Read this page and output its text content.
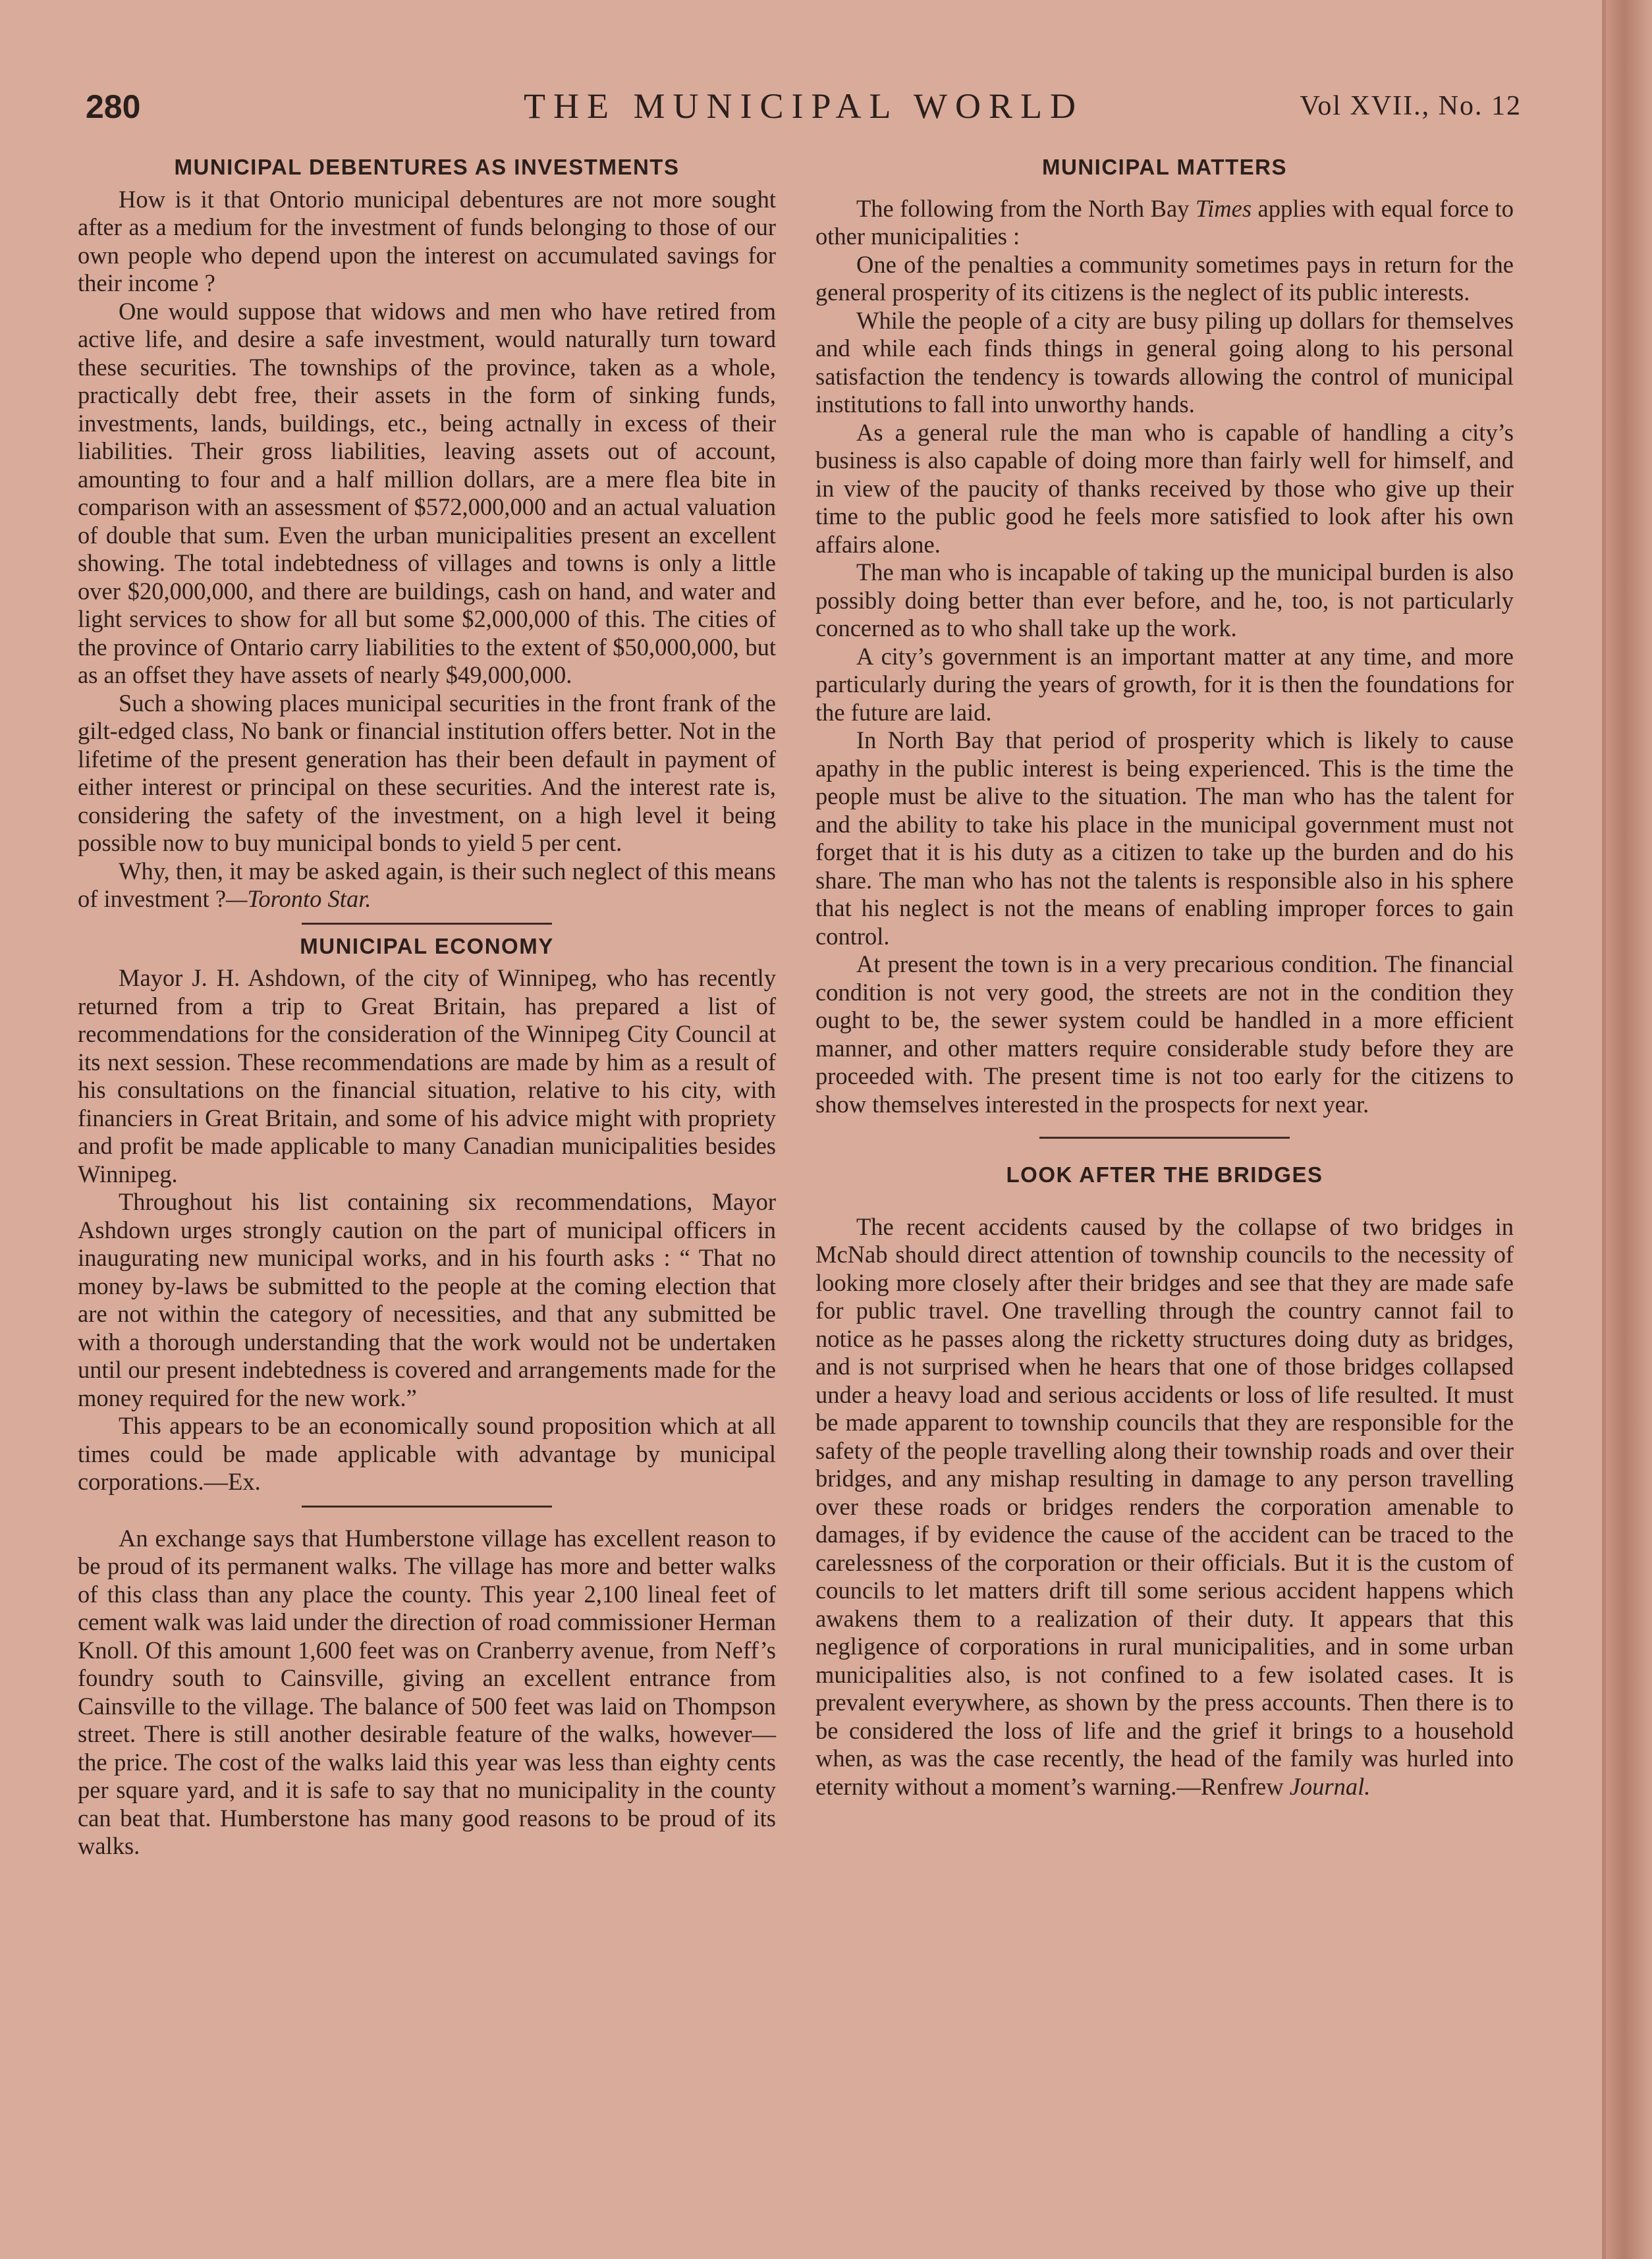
280	THE MUNICIPAL WORLD	Vol XVII., No. 12
MUNICIPAL DEBENTURES AS INVESTMENTS

How is it that Ontorio municipal debentures are not more sought after as a medium for the investment of funds belonging to those of our own people who depend upon the interest on accumulated savings for their income ?

One would suppose that widows and men who have retired from active life, and desire a safe investment, would naturally turn toward these securities. The townships of the province, taken as a whole, practically debt free, their assets in the form of sinking funds, investments, lands, buildings, etc., being actnally in excess of their liabilities. Their gross liabilities, leaving assets out of account, amounting to four and a half million dollars, are a mere flea bite in comparison with an assessment of $572,000,000 and an actual valuation of double that sum. Even the urban municipalities present an excellent showing. The total indebtedness of villages and towns is only a little over $20,000,000, and there are buildings, cash on hand, and water and light services to show for all but some $2,000,000 of this. The cities of the province of Ontario carry liabilities to the extent of $50,000,000, but as an offset they have assets of nearly $49,000,000.

Such a showing places municipal securities in the front frank of the gilt-edged class, No bank or financial institution offers better. Not in the lifetime of the present generation has their been default in payment of either interest or principal on these securities. And the interest rate is, considering the safety of the investment, on a high level it being possible now to buy municipal bonds to yield 5 per cent.

Why, then, it may be asked again, is their such neglect of this means of investment ?—Toronto Star.

MUNICIPAL ECONOMY

Mayor J. H. Ashdown, of the city of Winnipeg, who has recently returned from a trip to Great Britain, has prepared a list of recommendations for the consideration of the Winnipeg City Council at its next session. These recommendations are made by him as a result of his consultations on the financial situation, relative to his city, with financiers in Great Britain, and some of his advice might with propriety and profit be made applicable to many Canadian municipalities besides Winnipeg.

Throughout his list containing six recommendations, Mayor Ashdown urges strongly caution on the part of municipal officers in inaugurating new municipal works, and in his fourth asks : “ That no money by-laws be submitted to the people at the coming election that are not within the category of necessities, and that any submitted be with a thorough understanding that the work would not be undertaken until our present indebtedness is covered and arrangements made for the money required for the new work.”

This appears to be an economically sound proposition which at all times could be made applicable with advantage by municipal corporations.—Ex.

An exchange says that Humberstone village has excellent reason to be proud of its permanent walks. The village has more and better walks of this class than any place the county. This year 2,100 lineal feet of cement walk was laid under the direction of road commissioner Herman Knoll. Of this amount 1,600 feet was on Cranberry avenue, from Neff’s foundry south to Cainsville, giving an excellent entrance from Cainsville to the village. The balance of 500 feet was laid on Thompson street. There is still another desirable feature of the walks, however—the price. The cost of the walks laid this year was less than eighty cents per square yard, and it is safe to say that no municipality in the county can beat that. Humberstone has many good reasons to be proud of its walks.

MUNICIPAL MATTERS

The following from the North Bay Times applies with equal force to other municipalities :

One of the penalties a community sometimes pays in return for the general prosperity of its citizens is the neglect of its public interests.

While the people of a city are busy piling up dollars for themselves and while each finds things in general going along to his personal satisfaction the tendency is towards allowing the control of municipal institutions to fall into unworthy hands.

As a general rule the man who is capable of handling a city’s business is also capable of doing more than fairly well for himself, and in view of the paucity of thanks received by those who give up their time to the public good he feels more satisfied to look after his own affairs alone.

The man who is incapable of taking up the municipal burden is also possibly doing better than ever before, and he, too, is not particularly concerned as to who shall take up the work.

A city’s government is an important matter at any time, and more particularly during the years of growth, for it is then the foundations for the future are laid.

In North Bay that period of prosperity which is likely to cause apathy in the public interest is being experienced. This is the time the people must be alive to the situation. The man who has the talent for and the ability to take his place in the municipal government must not forget that it is his duty as a citizen to take up the burden and do his share. The man who has not the talents is responsible also in his sphere that his neglect is not the means of enabling improper forces to gain control.

At present the town is in a very precarious condition. The financial condition is not very good, the streets are not in the condition they ought to be, the sewer system could be handled in a more efficient manner, and other matters require considerable study before they are proceeded with. The present time is not too early for the citizens to show themselves interested in the prospects for next year.

LOOK AFTER THE BRIDGES

The recent accidents caused by the collapse of two bridges in McNab should direct attention of township councils to the necessity of looking more closely after their bridges and see that they are made safe for public travel. One travelling through the country cannot fail to notice as he passes along the ricketty structures doing duty as bridges, and is not surprised when he hears that one of those bridges collapsed under a heavy load and serious accidents or loss of life resulted. It must be made apparent to township councils that they are responsible for the safety of the people travelling along their township roads and over their bridges, and any mishap resulting in damage to any person travelling over these roads or bridges renders the corporation amenable to damages, if by evidence the cause of the accident can be traced to the carelessness of the corporation or their officials. But it is the custom of councils to let matters drift till some serious accident happens which awakens them to a realization of their duty. It appears that this negligence of corporations in rural municipalities, and in some urban municipalities also, is not confined to a few isolated cases. It is prevalent everywhere, as shown by the press accounts. Then there is to be considered the loss of life and the grief it brings to a household when, as was the case recently, the head of the family was hurled into eternity without a moment’s warning.—Renfrew Journal.
